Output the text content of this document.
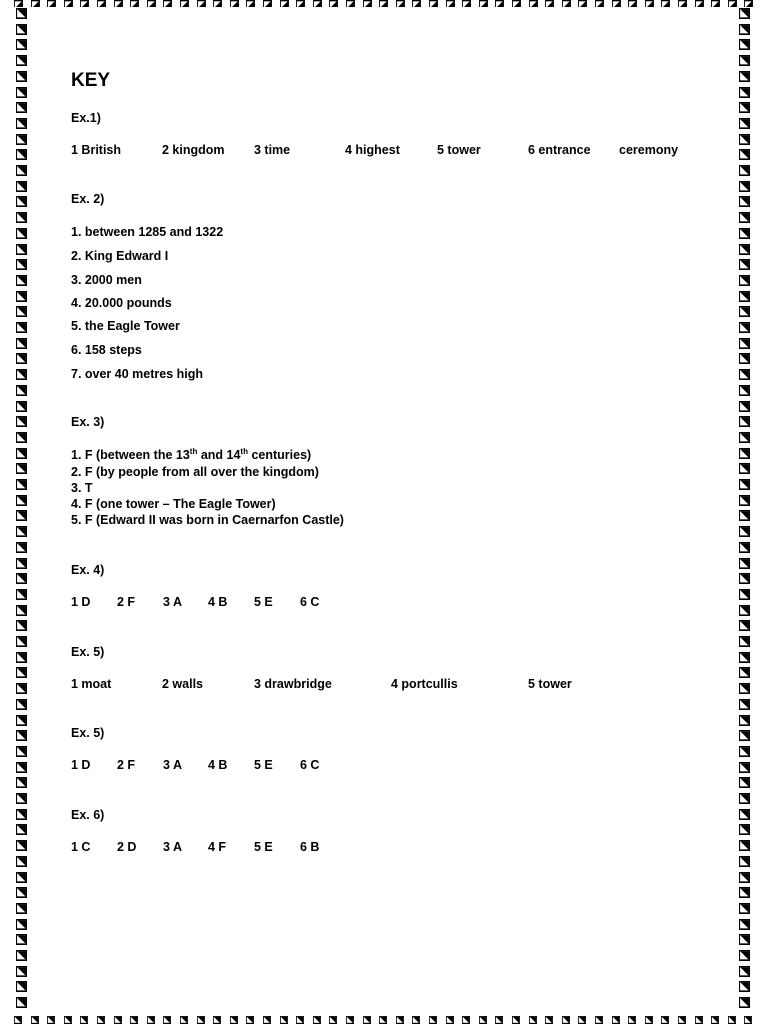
KEY
Ex.1)
1 British	2 kingdom 3 time	4 highest	5 tower	6 entrance ceremony
Ex. 2)
1. between 1285 and 1322
2. King Edward I
3. 2000 men
4. 20.000 pounds
5. the Eagle Tower
6. 158 steps
7. over 40 metres high
Ex. 3)
1. F (between the 13th and 14th centuries)
2. F (by people from all over the kingdom)
3. T
4. F (one tower – The Eagle Tower)
5. F (Edward II was born in Caernarfon Castle)
Ex. 4)
1 D 2 F 3 A 4 B 5 E 6 C
Ex. 5)
1 moat	2 walls	3 drawbridge	4 portcullis	5 tower
Ex. 5)
1 D 2 F 3 A 4 B 5 E 6 C
Ex. 6)
1 C 2 D 3 A 4 F 5 E 6 B
